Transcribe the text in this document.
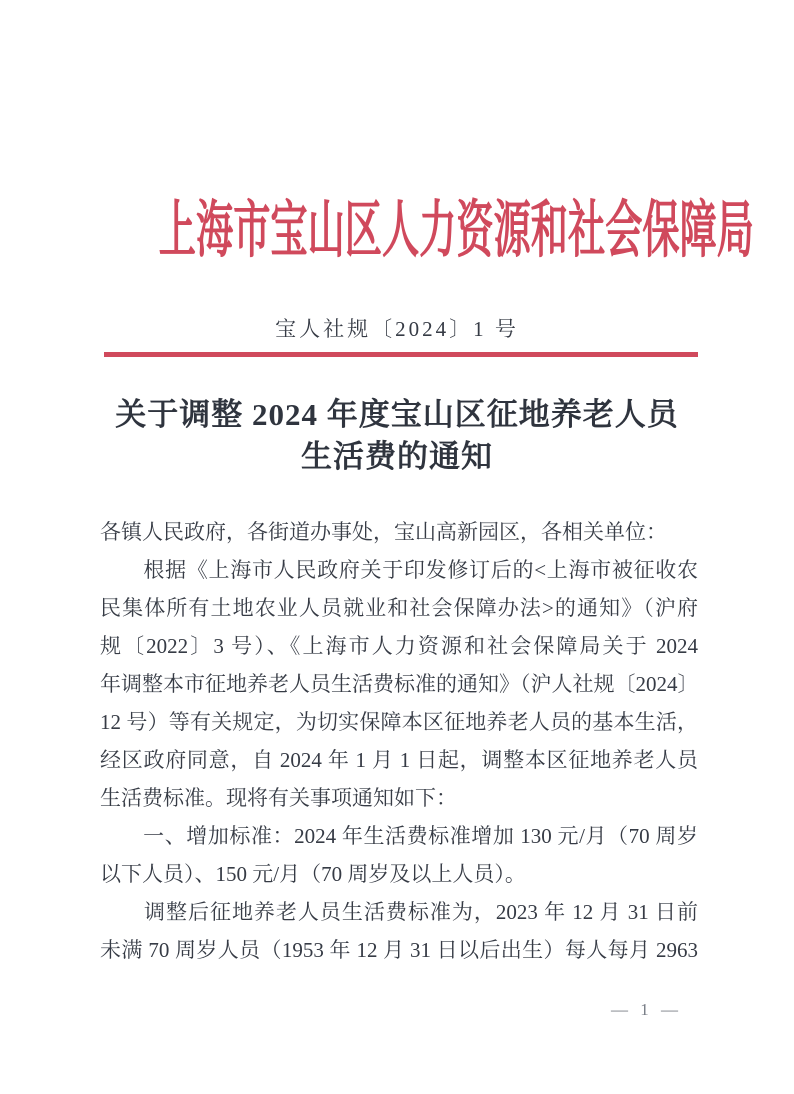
上海市宝山区人力资源和社会保障局
宝人社规〔2024〕1 号
关于调整 2024 年度宝山区征地养老人员
生活费的通知
各镇人民政府，各街道办事处，宝山高新园区，各相关单位：
　　根据《上海市人民政府关于印发修订后的<上海市被征收农
民集体所有土地农业人员就业和社会保障办法>的通知》（沪府
规〔2022〕3 号）、《上海市人力资源和社会保障局关于 2024
年调整本市征地养老人员生活费标准的通知》（沪人社规〔2024〕
12 号）等有关规定，为切实保障本区征地养老人员的基本生活，
经区政府同意，自 2024 年 1 月 1 日起，调整本区征地养老人员
生活费标准。现将有关事项通知如下：
　　一、增加标准：2024 年生活费标准增加 130 元/月（70 周岁
以下人员）、150 元/月（70 周岁及以上人员）。
　　调整后征地养老人员生活费标准为，2023 年 12 月 31 日前
未满 70 周岁人员（1953 年 12 月 31 日以后出生）每人每月 2963
— 1 —
